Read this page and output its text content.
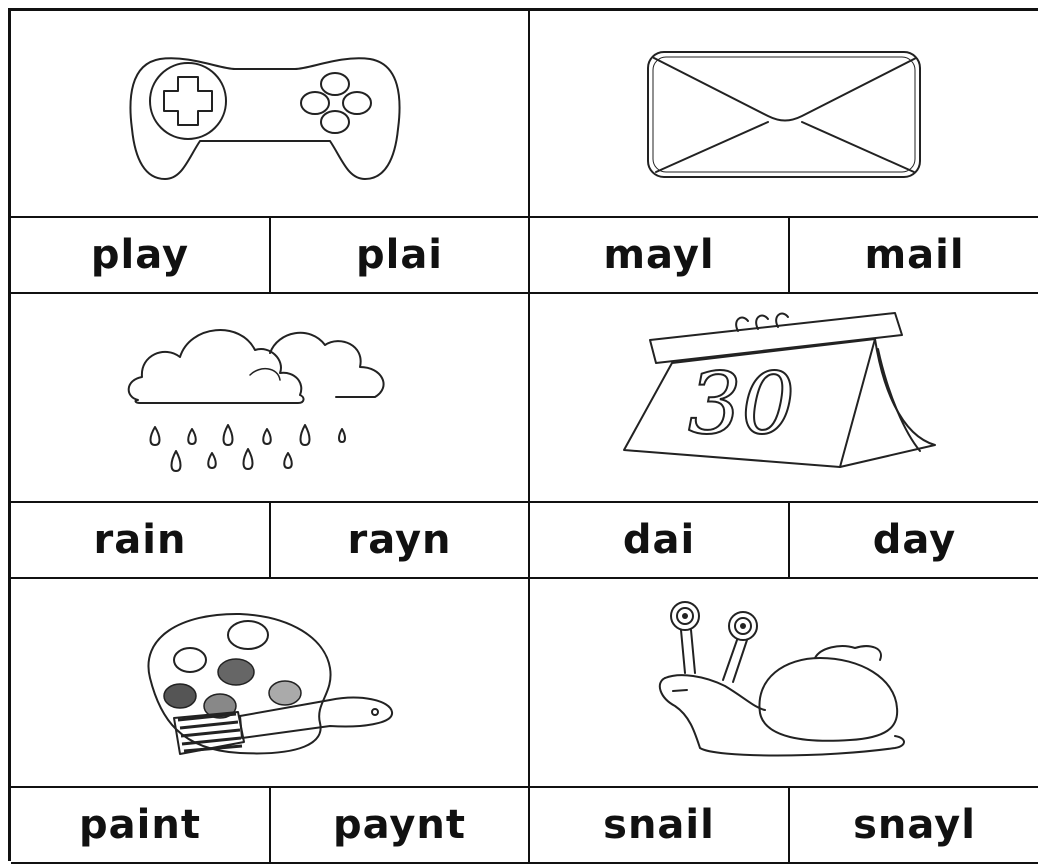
play	plai	mayl	mail
30
rain	rayn	dai	day
paint	paynt	snail	snayl
